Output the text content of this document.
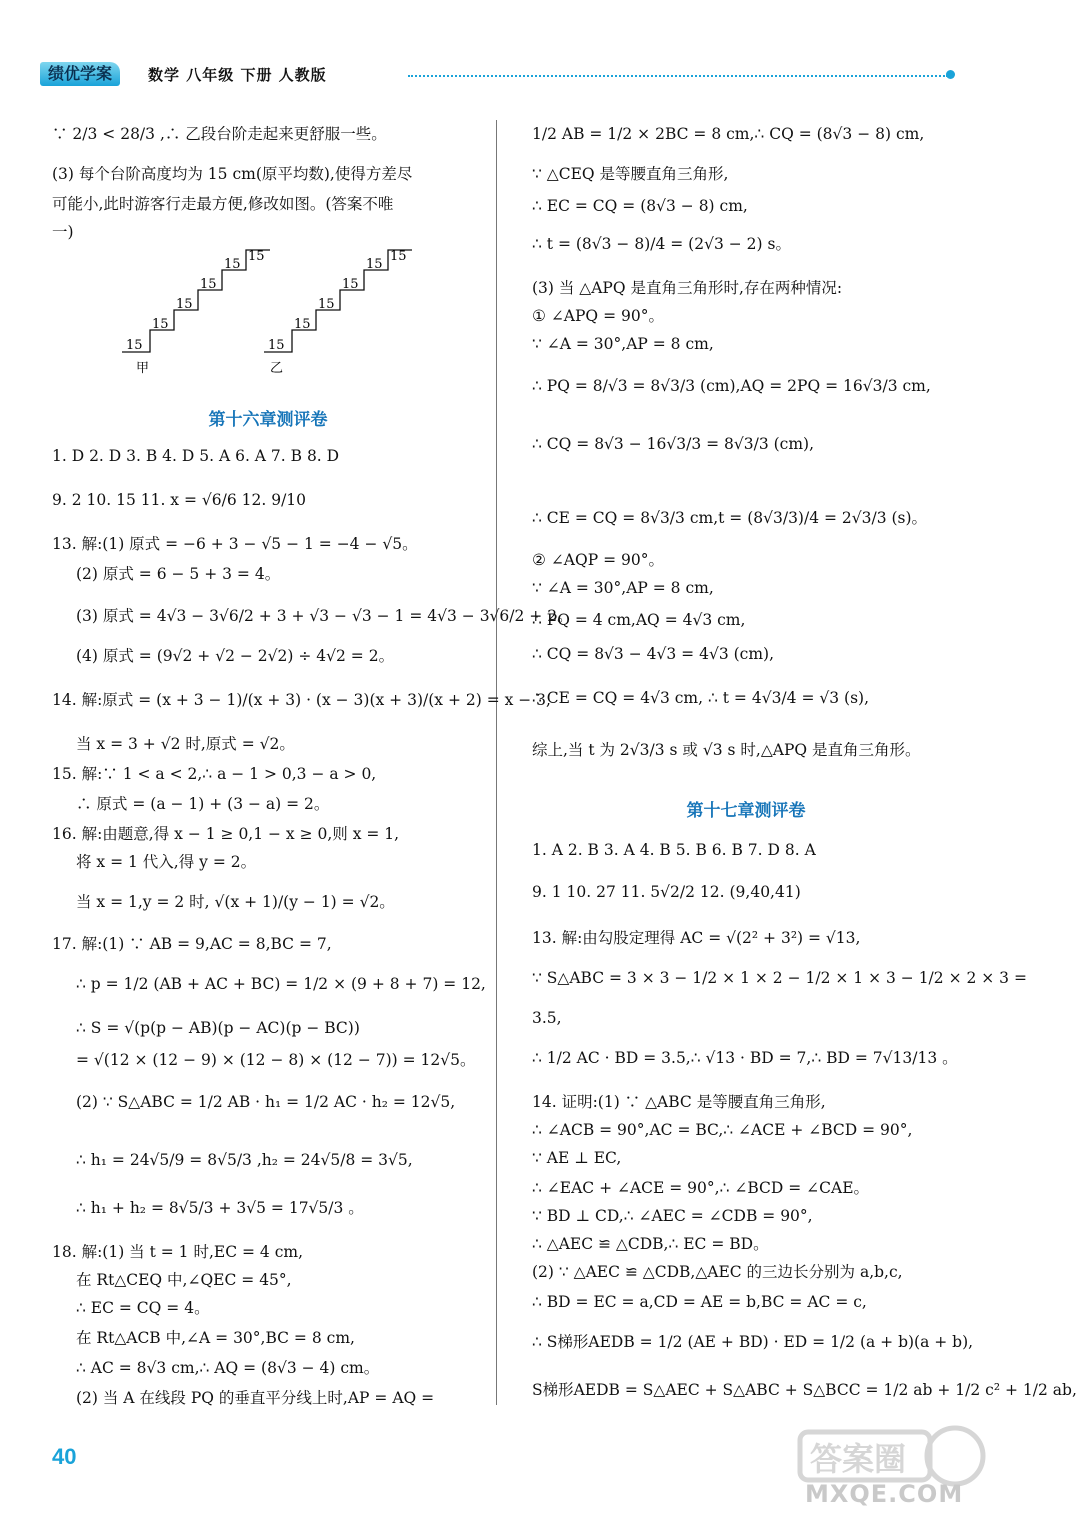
绩优学案	数学 八年级 下册 人教版
∵ 2/3 < 28/3 ,∴ 乙段台阶走起来更舒服一些。
(3) 每个台阶高度均为 15 cm(原平均数),使得方差尽
可能小,此时游客行走最方便,修改如图。(答案不唯
一)
第十六章测评卷
1. D 2. D 3. B 4. D 5. A 6. A 7. B 8. D
9. 2 10. 15 11. x = √6/6 12. 9/10
13. 解:(1) 原式 = −6 + 3 − √5 − 1 = −4 − √5。
(2) 原式 = 6 − 5 + 3 = 4。
(3) 原式 = 4√3 − 3√6/2 + 3 + √3 − √3 − 1 = 4√3 − 3√6/2 + 2。
(4) 原式 = (9√2 + √2 − 2√2) ÷ 4√2 = 2。
14. 解:原式 = (x + 3 − 1)/(x + 3) · (x − 3)(x + 3)/(x + 2) = x − 3,
当 x = 3 + √2 时,原式 = √2。
15. 解:∵ 1 < a < 2,∴ a − 1 > 0,3 − a > 0,
∴ 原式 = (a − 1) + (3 − a) = 2。
16. 解:由题意,得 x − 1 ≥ 0,1 − x ≥ 0,则 x = 1,
将 x = 1 代入,得 y = 2。
当 x = 1,y = 2 时, √(x + 1)/(y − 1) = √2。
17. 解:(1) ∵ AB = 9,AC = 8,BC = 7,
∴ p = 1/2 (AB + AC + BC) = 1/2 × (9 + 8 + 7) = 12,
∴ S = √(p(p − AB)(p − AC)(p − BC))
= √(12 × (12 − 9) × (12 − 8) × (12 − 7)) = 12√5。
(2) ∵ S△ABC = 1/2 AB · h₁ = 1/2 AC · h₂ = 12√5,
∴ h₁ = 24√5/9 = 8√5/3 ,h₂ = 24√5/8 = 3√5,
∴ h₁ + h₂ = 8√5/3 + 3√5 = 17√5/3 。
18. 解:(1) 当 t = 1 时,EC = 4 cm,
在 Rt△CEQ 中,∠QEC = 45°,
∴ EC = CQ = 4。
在 Rt△ACB 中,∠A = 30°,BC = 8 cm,
∴ AC = 8√3 cm,∴ AQ = (8√3 − 4) cm。
(2) 当 A 在线段 PQ 的垂直平分线上时,AP = AQ =
15
15
15
15
15
15
15
15
15
15
15
15
甲	乙
1/2 AB = 1/2 × 2BC = 8 cm,∴ CQ = (8√3 − 8) cm,
∵ △CEQ 是等腰直角三角形,
∴ EC = CQ = (8√3 − 8) cm,
∴ t = (8√3 − 8)/4 = (2√3 − 2) s。
(3) 当 △APQ 是直角三角形时,存在两种情况:
① ∠APQ = 90°。
∵ ∠A = 30°,AP = 8 cm,
∴ PQ = 8/√3 = 8√3/3 (cm),AQ = 2PQ = 16√3/3 cm,
∴ CQ = 8√3 − 16√3/3 = 8√3/3 (cm),
∴ CE = CQ = 8√3/3 cm,t = (8√3/3)/4 = 2√3/3 (s)。
② ∠AQP = 90°。
∵ ∠A = 30°,AP = 8 cm,
∴ PQ = 4 cm,AQ = 4√3 cm,
∴ CQ = 8√3 − 4√3 = 4√3 (cm),
∴ CE = CQ = 4√3 cm, ∴ t = 4√3/4 = √3 (s),
综上,当 t 为 2√3/3 s 或 √3 s 时,△APQ 是直角三角形。
第十七章测评卷
1. A 2. B 3. A 4. B 5. B 6. B 7. D 8. A
9. 1 10. 27 11. 5√2/2 12. (9,40,41)
13. 解:由勾股定理得 AC = √(2² + 3²) = √13,
∵ S△ABC = 3 × 3 − 1/2 × 1 × 2 − 1/2 × 1 × 3 − 1/2 × 2 × 3 =
3.5,
∴ 1/2 AC · BD = 3.5,∴ √13 · BD = 7,∴ BD = 7√13/13 。
14. 证明:(1) ∵ △ABC 是等腰直角三角形,
∴ ∠ACB = 90°,AC = BC,∴ ∠ACE + ∠BCD = 90°,
∵ AE ⊥ EC,
∴ ∠EAC + ∠ACE = 90°,∴ ∠BCD = ∠CAE。
∵ BD ⊥ CD,∴ ∠AEC = ∠CDB = 90°,
∴ △AEC ≌ △CDB,∴ EC = BD。
(2) ∵ △AEC ≌ △CDB,△AEC 的三边长分别为 a,b,c,
∴ BD = EC = a,CD = AE = b,BC = AC = c,
∴ S梯形AEDB = 1/2 (AE + BD) · ED = 1/2 (a + b)(a + b),
S梯形AEDB = S△AEC + S△ABC + S△BCC = 1/2 ab + 1/2 c² + 1/2 ab,
40	答案圈
MXQE.COM
